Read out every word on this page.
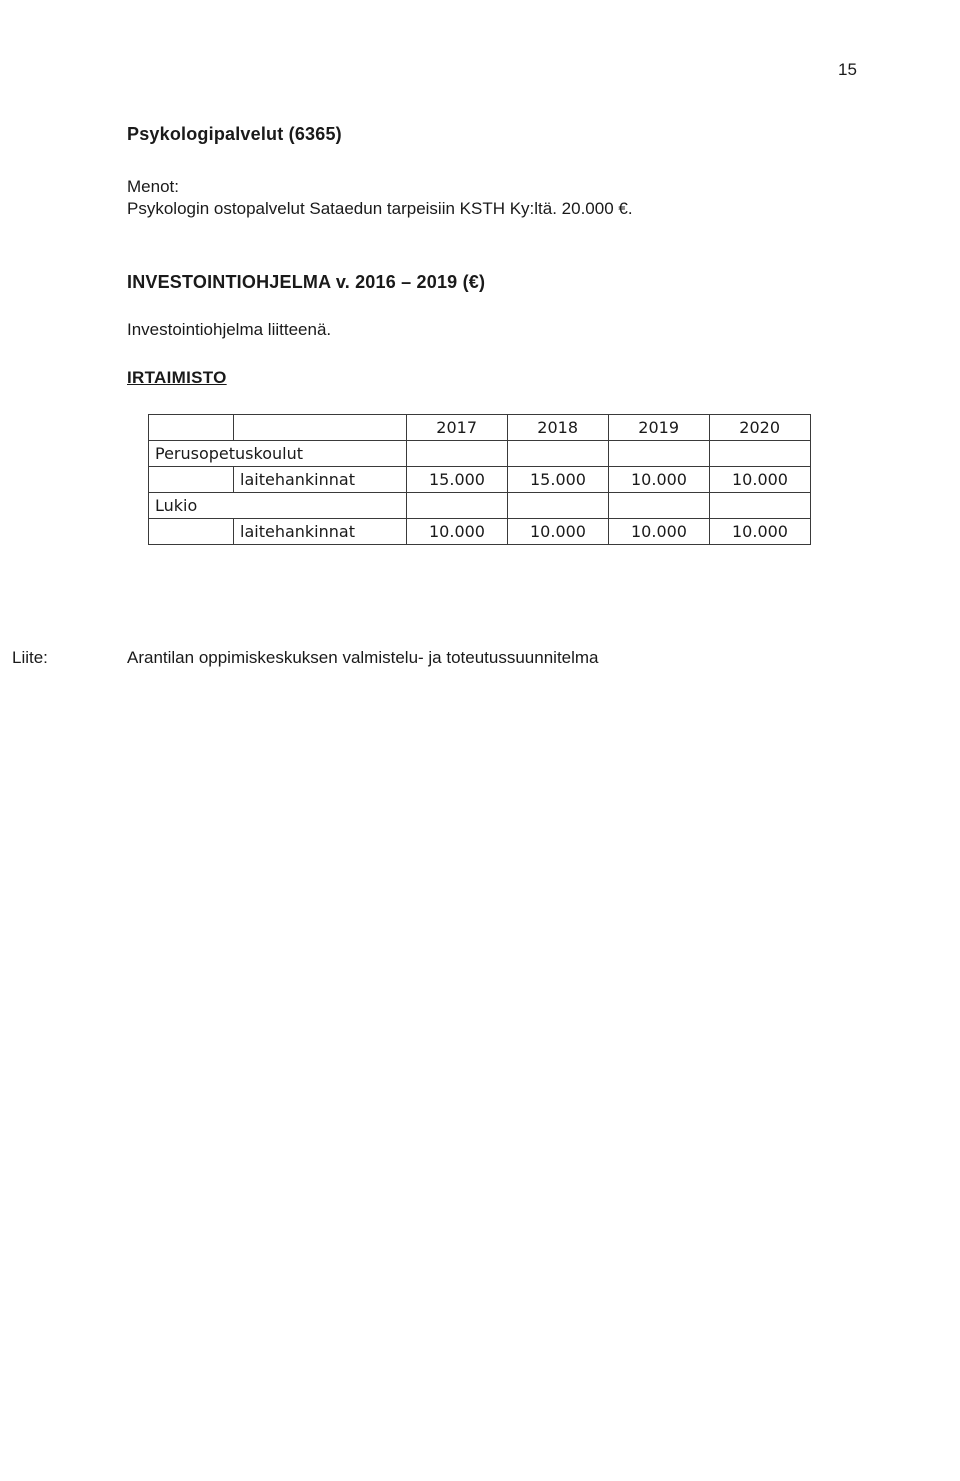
15
Psykologipalvelut (6365)
Menot:
Psykologin ostopalvelut Sataedun tarpeisiin KSTH Ky:ltä. 20.000 €.
INVESTOINTIOHJELMA v. 2016 – 2019 (€)
Investointiohjelma liitteenä.
IRTAIMISTO
		2017	2018	2019	2020
Perusopetuskoulut					
	laitehankinnat	15.000	15.000	10.000	10.000
Lukio					
	laitehankinnat	10.000	10.000	10.000	10.000
Liite:	Arantilan oppimiskeskuksen valmistelu- ja toteutussuunnitelma
